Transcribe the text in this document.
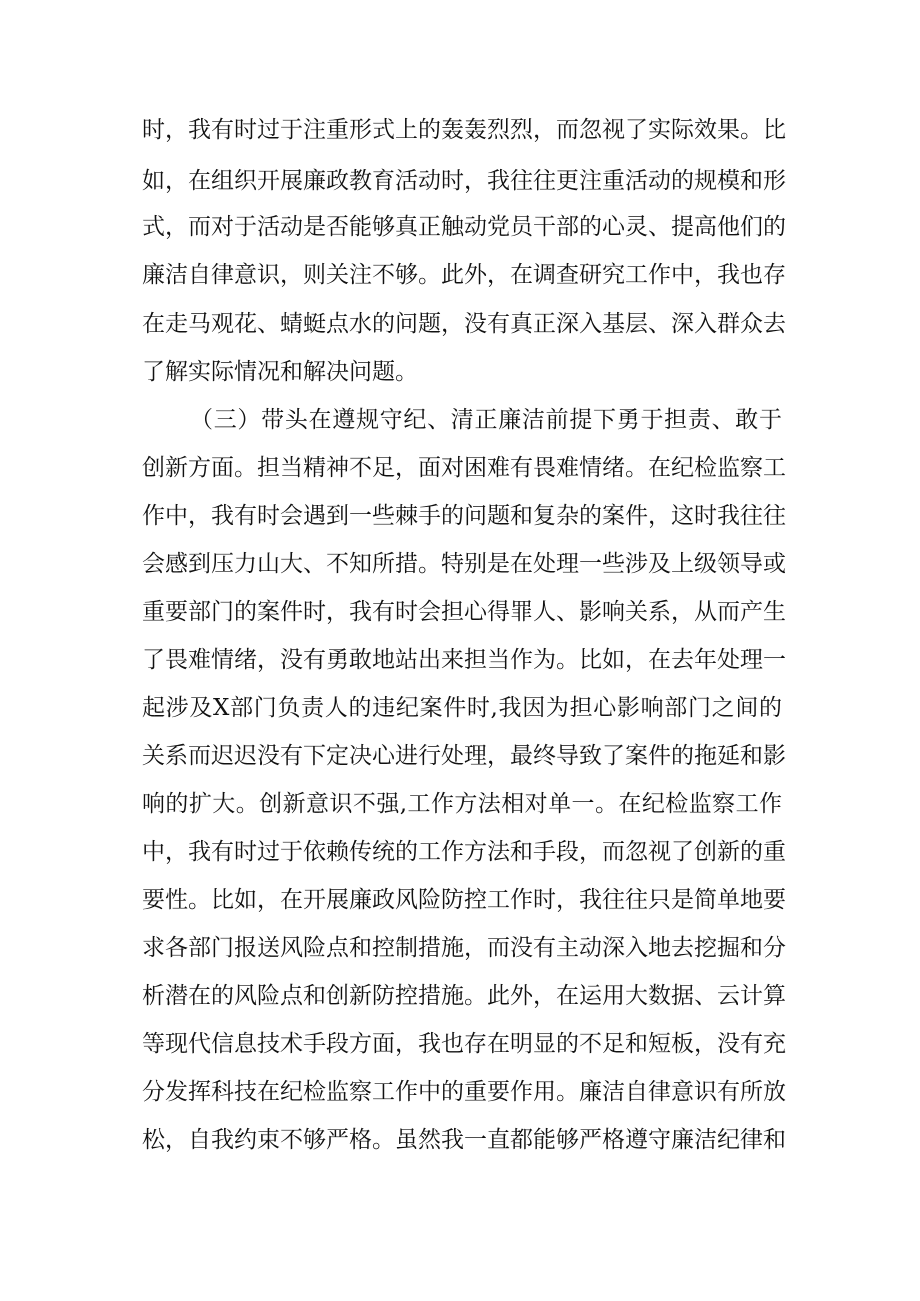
时，我有时过于注重形式上的轰轰烈烈，而忽视了实际效果。比
如，在组织开展廉政教育活动时，我往往更注重活动的规模和形
式，而对于活动是否能够真正触动党员干部的心灵、提高他们的
廉洁自律意识，则关注不够。此外，在调查研究工作中，我也存
在走马观花、蜻蜓点水的问题，没有真正深入基层、深入群众去
了解实际情况和解决问题。
（三）带头在遵规守纪、清正廉洁前提下勇于担责、敢于
创新方面。担当精神不足，面对困难有畏难情绪。在纪检监察工
作中，我有时会遇到一些棘手的问题和复杂的案件，这时我往往
会感到压力山大、不知所措。特别是在处理一些涉及上级领导或
重要部门的案件时，我有时会担心得罪人、影响关系，从而产生
了畏难情绪，没有勇敢地站出来担当作为。比如，在去年处理一
起涉及X部门负责人的违纪案件时,我因为担心影响部门之间的
关系而迟迟没有下定决心进行处理，最终导致了案件的拖延和影
响的扩大。创新意识不强,工作方法相对单一。在纪检监察工作
中，我有时过于依赖传统的工作方法和手段，而忽视了创新的重
要性。比如，在开展廉政风险防控工作时，我往往只是简单地要
求各部门报送风险点和控制措施，而没有主动深入地去挖掘和分
析潜在的风险点和创新防控措施。此外，在运用大数据、云计算
等现代信息技术手段方面，我也存在明显的不足和短板，没有充
分发挥科技在纪检监察工作中的重要作用。廉洁自律意识有所放
松，自我约束不够严格。虽然我一直都能够严格遵守廉洁纪律和
